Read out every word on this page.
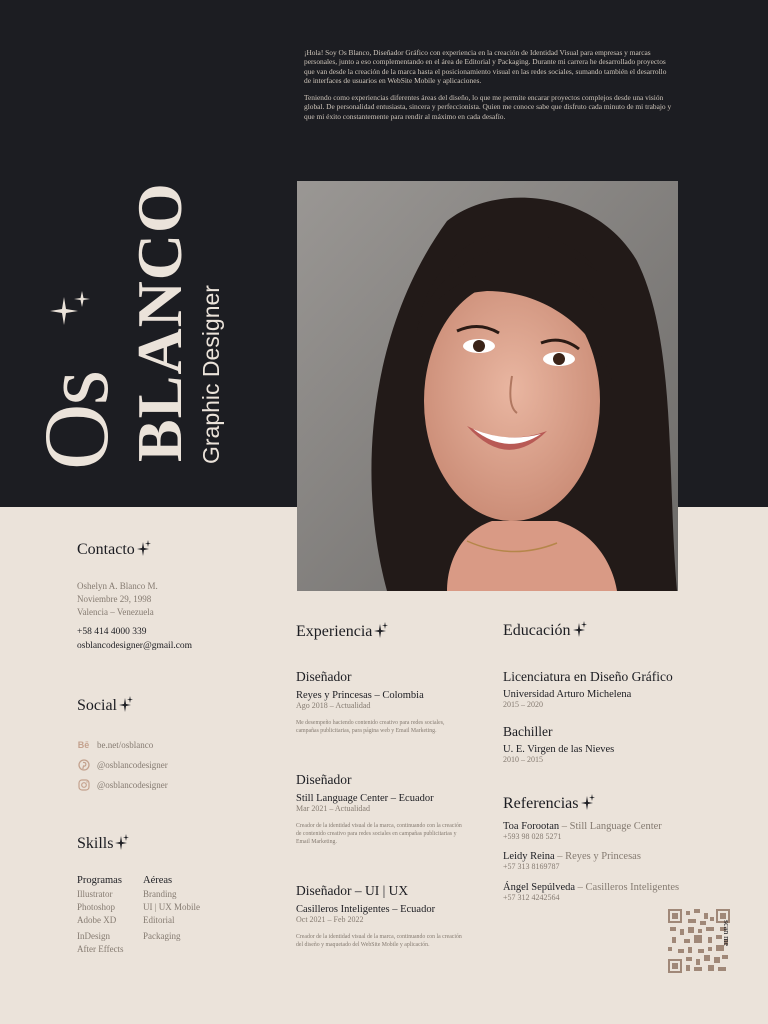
¡Hola! Soy Os Blanco, Diseñador Gráfico con experiencia en la creación de Identidad Visual para empresas y marcas personales, junto a eso complementando en el área de Editorial y Packaging. Durante mi carrera he desarrollado proyectos que van desde la creación de la marca hasta el posicionamiento visual en las redes sociales, sumando también el desarrollo de interfaces de usuarios en WebSite Mobile y aplicaciones.

Teniendo como experiencias diferentes áreas del diseño, lo que me permite encarar proyectos complejos desde una visión global. De personalidad entusiasta, sincera y perfeccionista. Quien me conoce sabe que disfruto cada minuto de mi trabajo y que mi éxito constantemente para rendir al máximo en cada desafío.

Os
BLANCO Graphic Designer
Contacto
Oshelyn A. Blanco M.
Noviembre 29, 1998
Valencia – Venezuela
+58 414 4000 339
osblancodesigner@gmail.com
Social
Bē be.net/osblanco
@osblancodesigner
@osblancodesigner
Skills
Programas
Illustrator
Photoshop
Adobe XD
InDesign
After Effects
Aéreas
Branding
UI | UX Mobile
Editorial
Packaging
Experiencia
Diseñador
Reyes y Princesas – Colombia
Ago 2018 – Actualidad
Me desempeño haciendo contenido creativo para redes sociales, campañas publicitarias, para página web y Email Marketing.
Diseñador
Still Language Center – Ecuador
Mar 2021 – Actualidad
Creador de la identidad visual de la marca, continuando con la creación de contenido creativo para redes sociales en campañas publicitarias y Email Marketing.
Diseñador – UI | UX
Casilleros Inteligentes – Ecuador
Oct 2021 – Feb 2022
Creador de la identidad visual de la marca, continuando con la creación del diseño y maquetado del WebSite Mobile y aplicación.
Educación
Licenciatura en Diseño Gráfico
Universidad Arturo Michelena
2015 – 2020
Bachiller
U. E. Virgen de las Nieves
2010 – 2015
Referencias
Toa Forootan – Still Language Center
+593 98 028 5271
Leidy Reina – Reyes y Princesas
+57 313 8169787
Ángel Sepúlveda – Casilleros Inteligentes
+57 312 4242564
scan me
